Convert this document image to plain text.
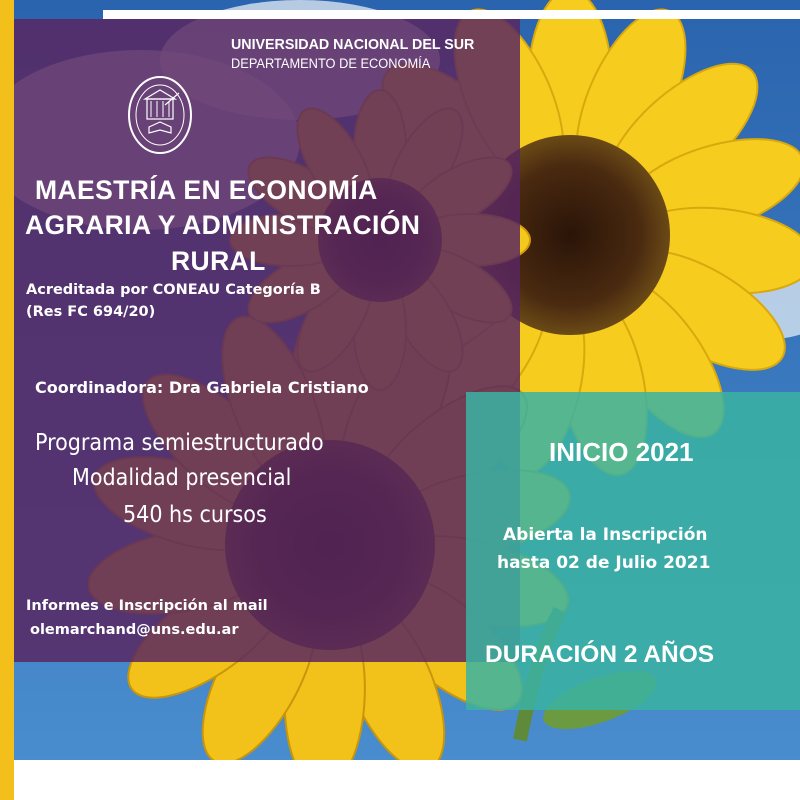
UNIVERSIDAD NACIONAL DEL SUR
DEPARTAMENTO DE ECONOMÍA
MAESTRÍA EN ECONOMÍA
AGRARIA Y ADMINISTRACIÓN
RURAL
Acreditada por CONEAU Categoría B
(Res FC 694/20)
Coordinadora: Dra Gabriela Cristiano
Programa semiestructurado
Modalidad presencial
540 hs cursos
Informes e Inscripción al mail
olemarchand@uns.edu.ar
INICIO 2021
Abierta la Inscripción
hasta 02 de Julio 2021
DURACIÓN 2 AÑOS
